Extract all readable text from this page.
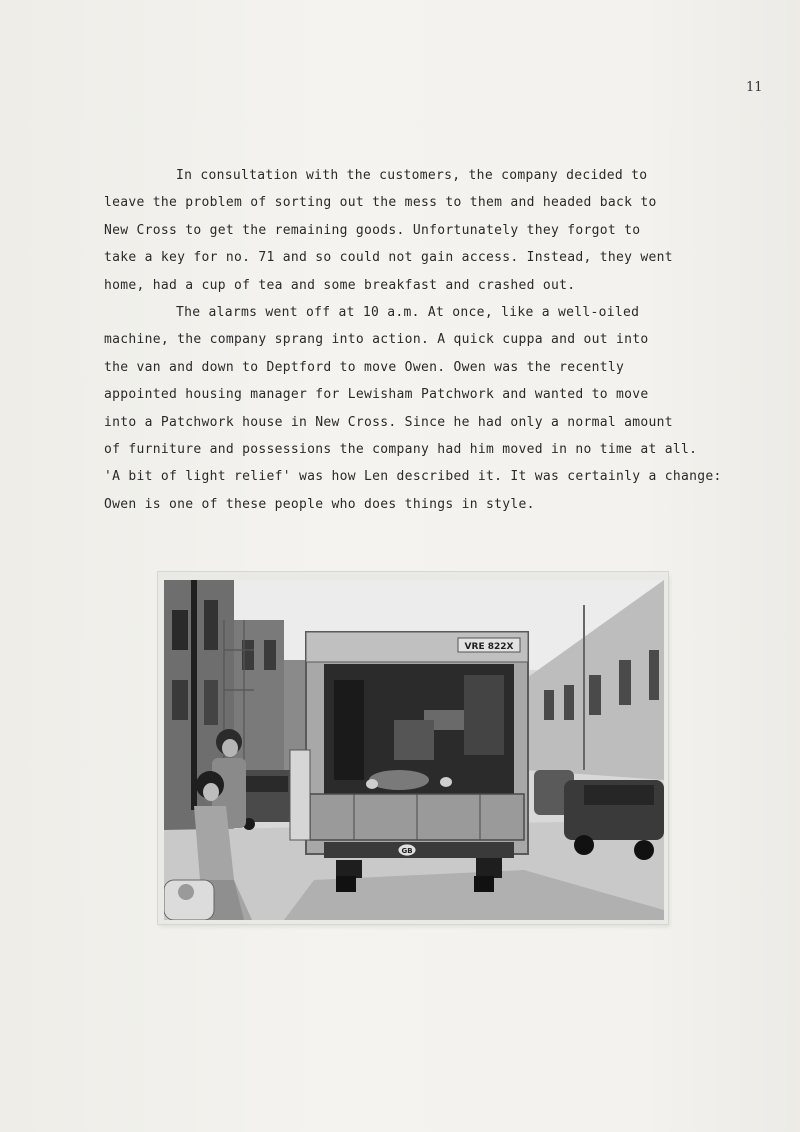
11
In consultation with the customers, the company decided to
leave the problem of sorting out the mess to them and headed back to
New Cross to get the remaining goods. Unfortunately they forgot to
take a key for no. 71 and so could not gain access. Instead, they went
home, had a cup of tea and some breakfast and crashed out.
The alarms went off at 10 a.m. At once, like a well-oiled
machine, the company sprang into action. A quick cuppa and out into
the van and down to Deptford to move Owen. Owen was the recently
appointed housing manager for Lewisham Patchwork and wanted to move
into a Patchwork house in New Cross. Since he had only a normal amount
of furniture and possessions the company had him moved in no time at all.
'A bit of light relief' was how Len described it. It was certainly a change:
Owen is one of these people who does things in style.
VRE 822X
GB
